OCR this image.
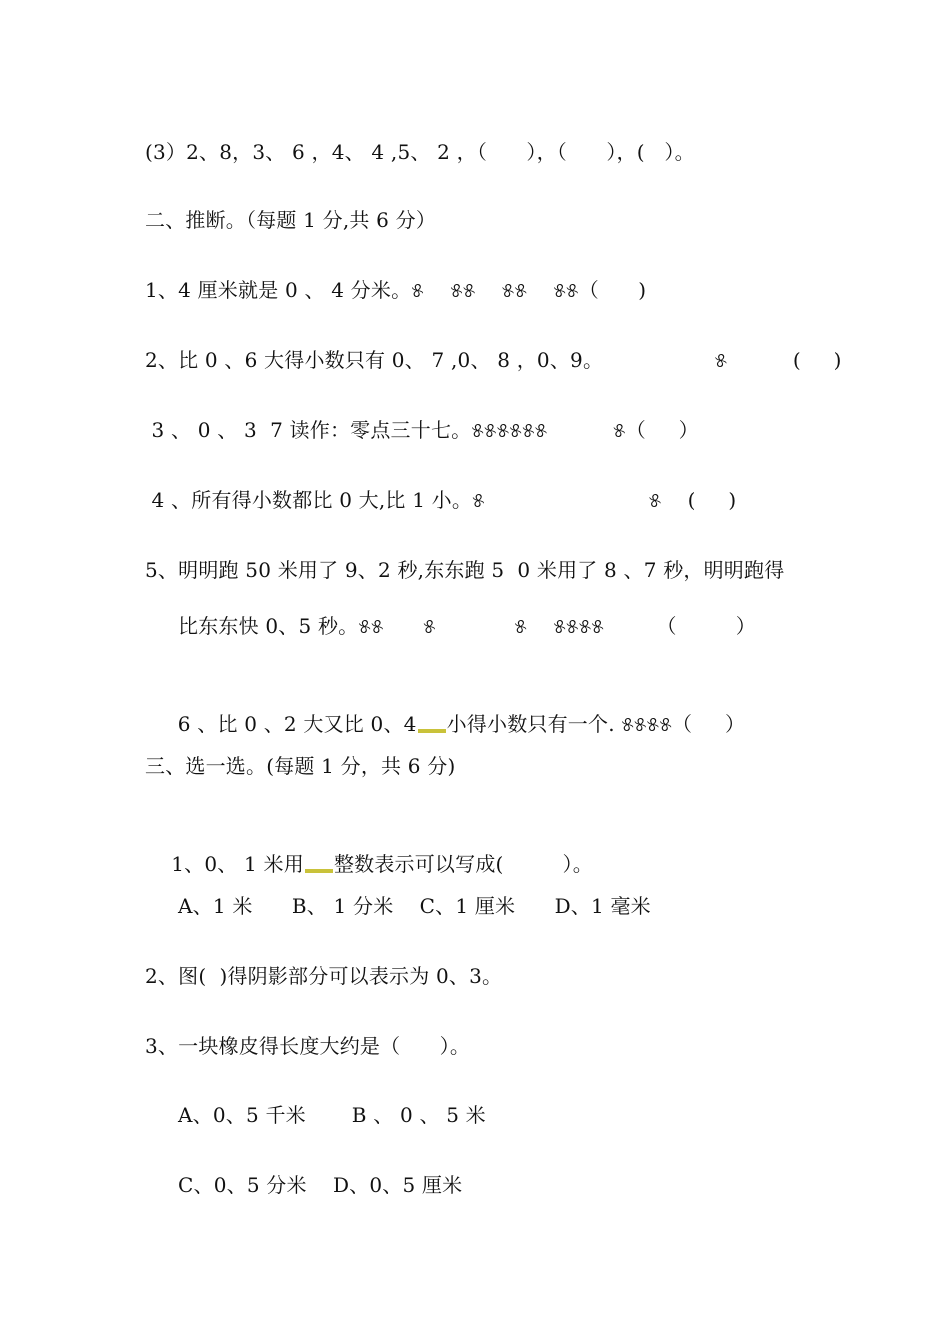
(3）2、8，3、 6 ，4、 4 ,5、 2 ，（      ），（      ），(   ）。
二、推断。（每题 1 分,共 6 分）
1、4 厘米就是 0 、 4 分米。୫    ୫୫    ୫୫    ୫୫（      )
2、比 0 、6 大得小数只有 0、 7 ,0、 8 ，0、9。                 ୫          (     )
3 、 0 、 3  7 读作：零点三十七。୫୫୫୫୫୫          ୫（     ）
4 、所有得小数都比 0 大,比 1 小。୫                         ୫    (     )
5、明明跑 50 米用了 9、2 秒,东东跑 5  0 米用了 8 、7 秒，明明跑得
比东东快 0、5 秒。୫୫      ୫            ୫    ୫୫୫୫        （         ）

6 、比 0 、2 大又比 0、4 小得小数只有一个. ୫୫୫୫（     ）

三、选一选。(每题 1 分，共 6 分)

1、0、 1 米用 整数表示可以写成(         ）。

A、1 米      B、 1 分米    C、1 厘米      D、1 毫米
2、图(  )得阴影部分可以表示为 0、3。
3、一块橡皮得长度大约是（      ）。
A、0、5 千米       B 、 0 、 5 米
C、0、5 分米    D、0、5 厘米
